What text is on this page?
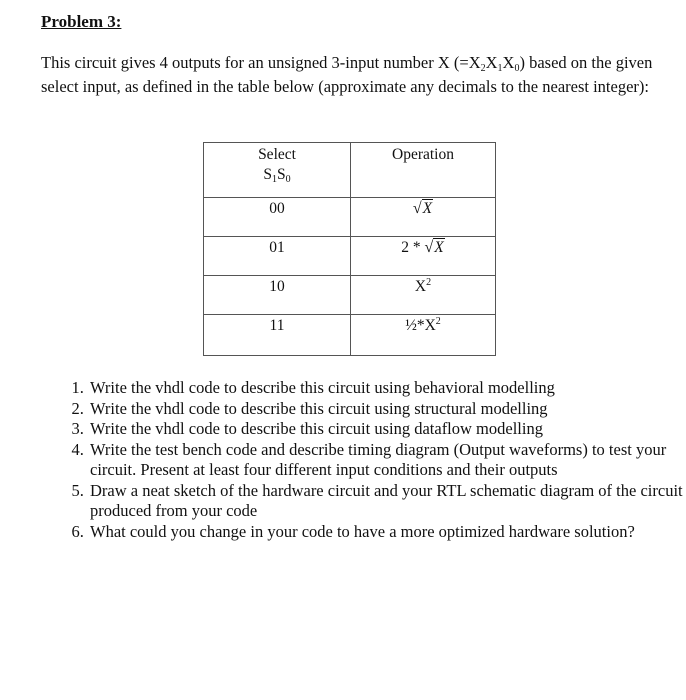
Problem 3:
This circuit gives 4 outputs for an unsigned 3-input number X (=X2X1X0) based on the given select input, as defined in the table below (approximate any decimals to the nearest integer):
Select
S1S0	Operation

00	√X
01	2 * √X
10	$X^2$
11	$\frac{1}{2}*X^2$
1. Write the vhdl code to describe this circuit using behavioral modelling
2. Write the vhdl code to describe this circuit using structural modelling
3. Write the vhdl code to describe this circuit using dataflow modelling
4. Write the test bench code and describe timing diagram (Output waveforms) to test your circuit. Present at least four different input conditions and their outputs
5. Draw a neat sketch of the hardware circuit and your RTL schematic diagram of the circuit produced from your code
6. What could you change in your code to have a more optimized hardware solution?
